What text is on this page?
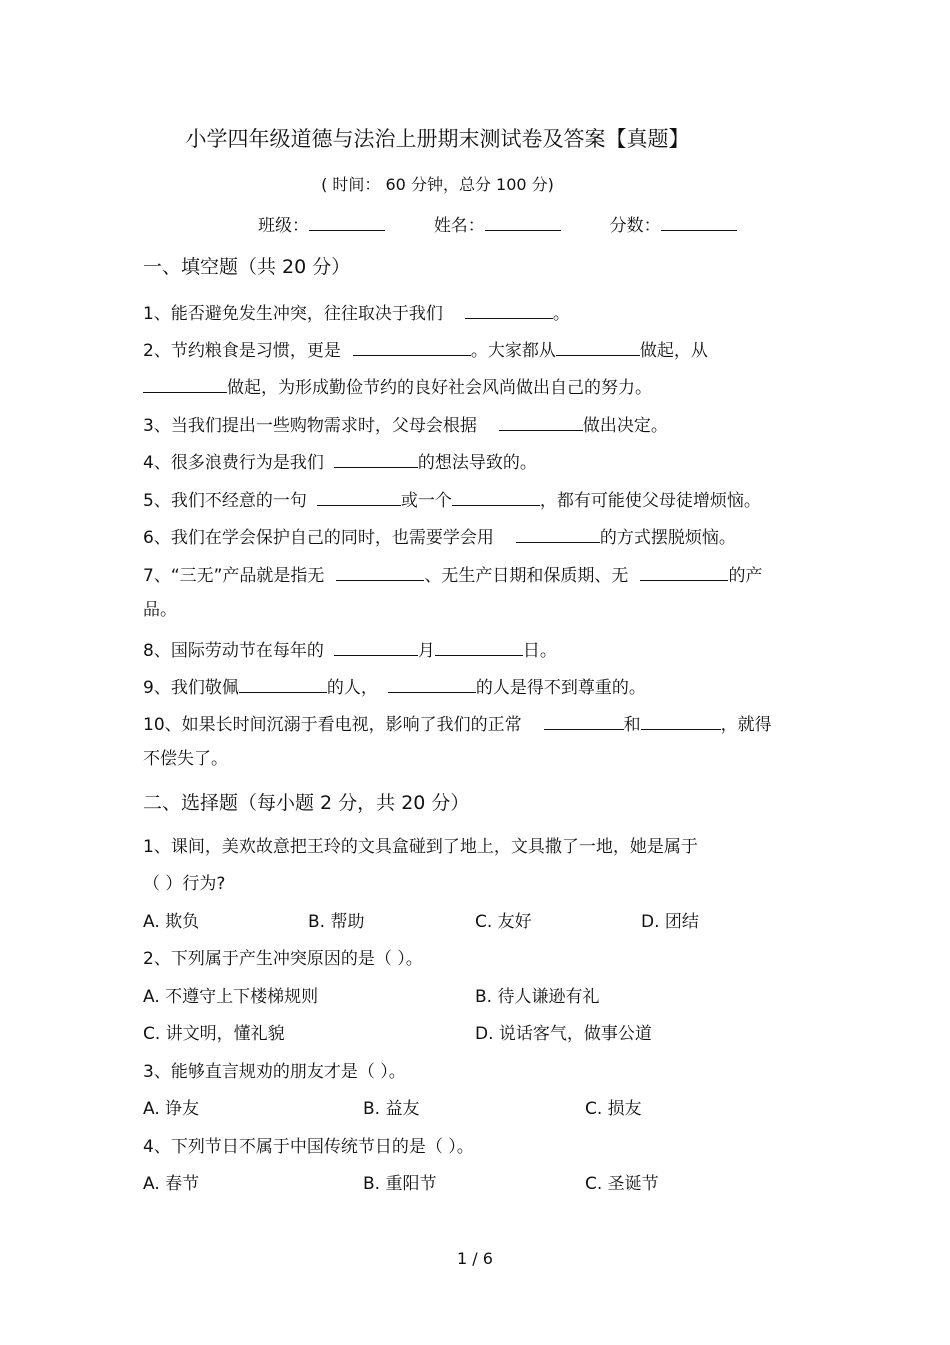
小学四年级道德与法治上册期末测试卷及答案【真题】
( 时间： 60 分钟，总分 100 分)
班级：	姓名：	分数：
一、填空题（共 20 分）
1、能否避免发生冲突，往往取决于我们	。
2、节约粮食是习惯，更是	。大家都从	做起，从
做起，为形成勤俭节约的良好社会风尚做出自己的努力。
3、当我们提出一些购物需求时，父母会根据	做出决定。
4、很多浪费行为是我们	的想法导致的。
5、我们不经意的一句	或一个	，都有可能使父母徒增烦恼。
6、我们在学会保护自己的同时，也需要学会用	的方式摆脱烦恼。
7、“三无”产品就是指无	、无生产日期和保质期、无	的产
品。
8、国际劳动节在每年的	月	日。
9、我们敬佩	的人，	的人是得不到尊重的。
10、如果长时间沉溺于看电视，影响了我们的正常	和	，就得
不偿失了。
二、选择题（每小题 2 分，共 20 分）
1、课间，美欢故意把王玲的文具盒碰到了地上，文具撒了一地，她是属于
（ ）行为?
A. 欺负	B. 帮助	C. 友好	D. 团结
2、下列属于产生冲突原因的是（ ）。
A. 不遵守上下楼梯规则	B. 待人谦逊有礼
C. 讲文明，懂礼貌	D. 说话客气，做事公道
3、能够直言规劝的朋友才是（ ）。
A. 诤友	B. 益友	C. 损友
4、下列节日不属于中国传统节日的是（ ）。
A. 春节	B. 重阳节	C. 圣诞节
1 / 6
